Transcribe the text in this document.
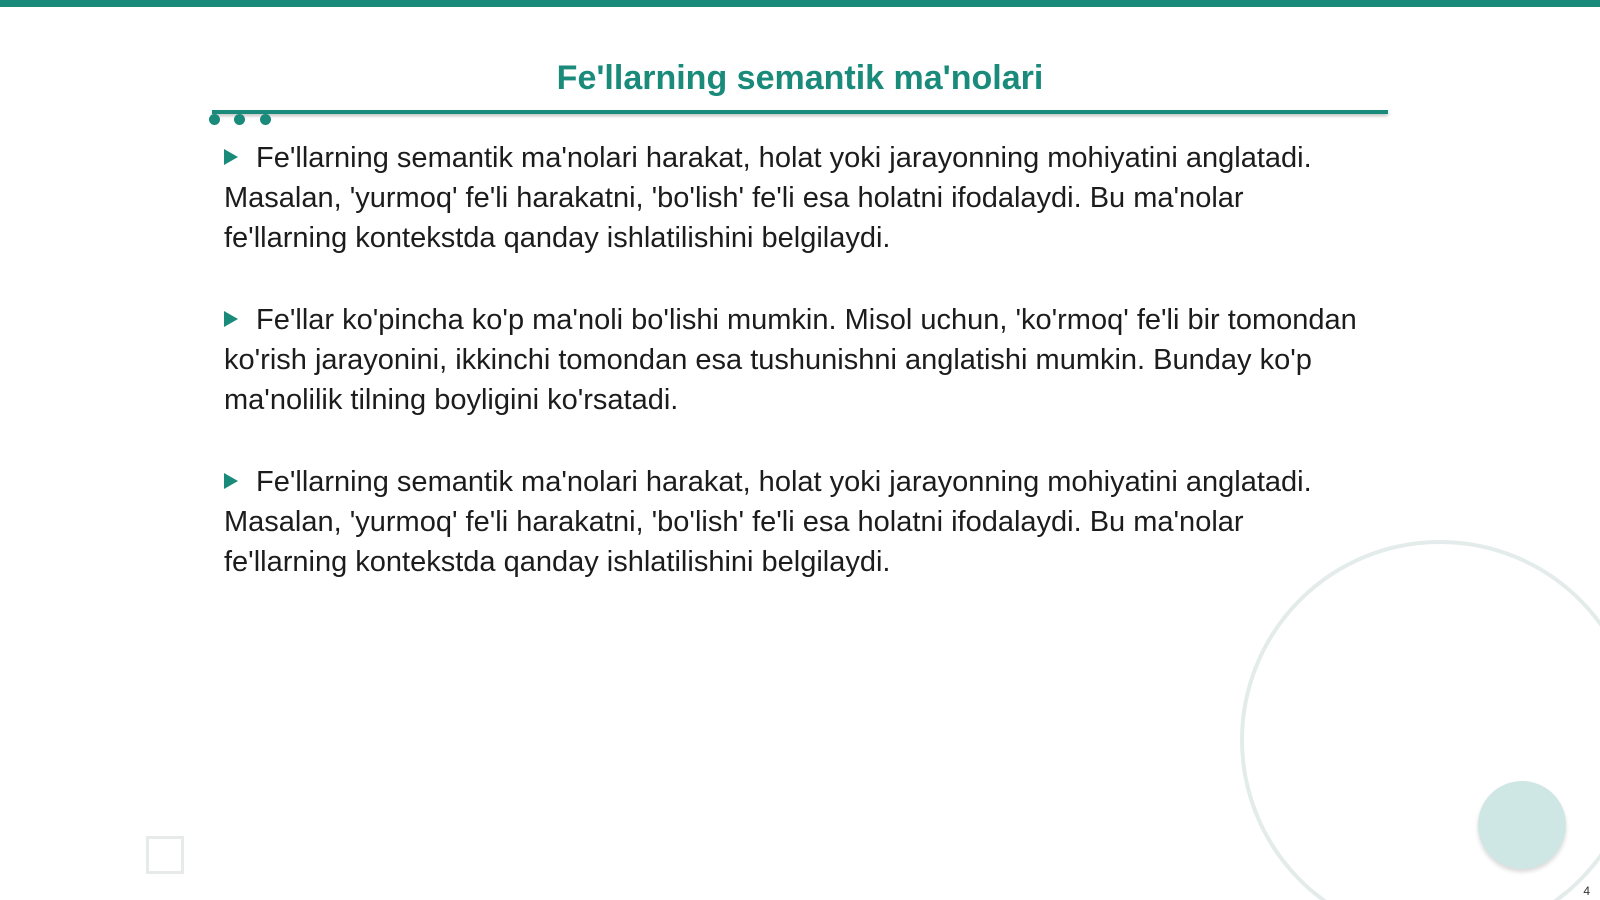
Fe'llarning semantik ma'nolari

Fe'llarning semantik ma'nolari harakat, holat yoki jarayonning mohiyatini anglatadi. Masalan, 'yurmoq' fe'li harakatni, 'bo'lish' fe'li esa holatni ifodalaydi. Bu ma'nolar fe'llarning kontekstda qanday ishlatilishini belgilaydi.

Fe'llar ko'pincha ko'p ma'noli bo'lishi mumkin. Misol uchun, 'ko'rmoq' fe'li bir tomondan ko'rish jarayonini, ikkinchi tomondan esa tushunishni anglatishi mumkin. Bunday ko'p ma'nolilik tilning boyligini ko'rsatadi.

Fe'llarning semantik ma'nolari harakat, holat yoki jarayonning mohiyatini anglatadi. Masalan, 'yurmoq' fe'li harakatni, 'bo'lish' fe'li esa holatni ifodalaydi. Bu ma'nolar fe'llarning kontekstda qanday ishlatilishini belgilaydi.

4
